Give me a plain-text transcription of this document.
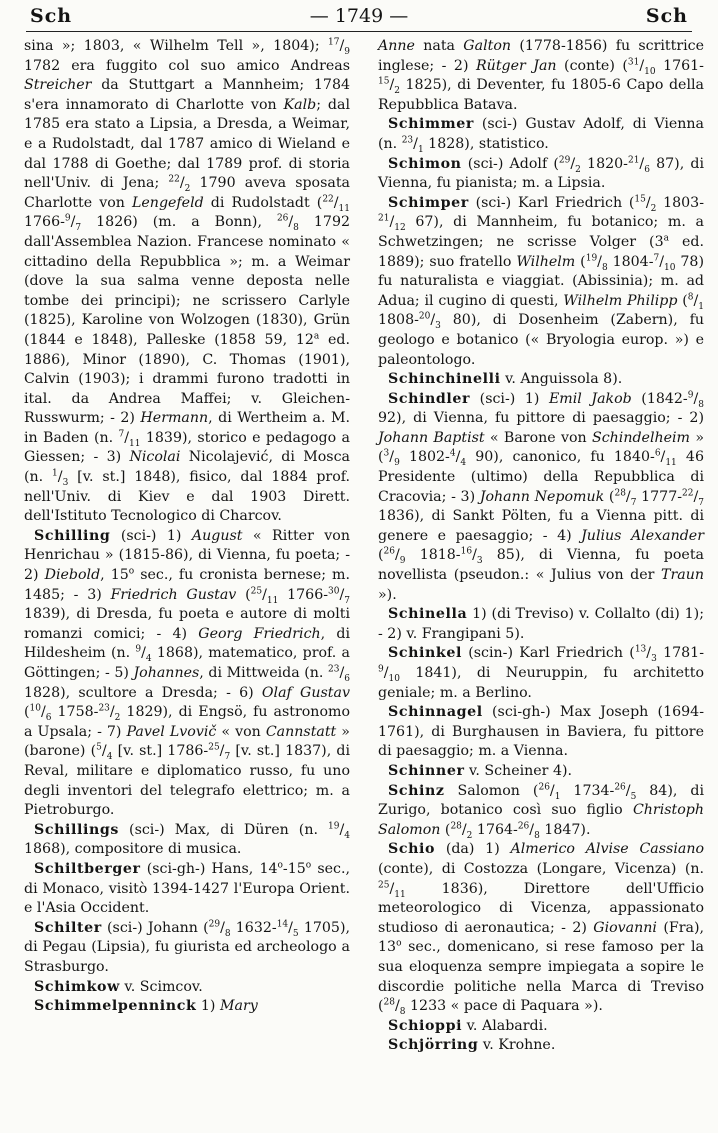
Sch	— 1749 —	Sch

sina »; 1803, « Wilhelm Tell », 1804); $^{17}/_9$ 1782 era fuggito col suo amico Andreas Streicher da Stuttgart a Mannheim; 1784 s'era innamorato di Charlotte von Kalb; dal 1785 era stato a Lipsia, a Dresda, a Weimar, e a Rudolstadt, dal 1787 amico di Wieland e dal 1788 di Goethe; dal 1789 prof. di storia nell'Univ. di Jena; $^{22}/_2$ 1790 aveva sposata Charlotte von Lengefeld di Rudolstadt ($^{22}/_{11}$ $1766-^9/_7$ 1826) (m. a Bonn), $^{26}/_8$ 1792 dall'Assemblea Nazion. Francese nominato « cittadino della Repubblica »; m. a Weimar (dove la sua salma venne deposta nelle tombe dei principi); ne scrissero Carlyle (1825), Karoline von Wolzogen (1830), Grün (1844 e 1848), Palleske (1858 59, 12$^a$ ed. 1886), Minor (1890), C. Thomas (1901), Calvin (1903); i drammi furono tradotti in ital. da Andrea Maffei; v. Gleichen-Russwurm; - 2) Hermann, di Wertheim a. M. in Baden (n. $^7/_{11}$ 1839), storico e pedagogo a Giessen; - 3) Nicolai Nicolajević, di Mosca (n. $^1/_3$ [v. st.] 1848), fisico, dal 1884 prof. nell'Univ. di Kiev e dal 1903 Dirett. dell'Istituto Tecnologico di Charcov.

Schilling (sci-) 1) August « Ritter von Henrichau » (1815-86), di Vienna, fu poeta; - 2) Diebold, 15$^o$ sec., fu cronista bernese; m. 1485; - 3) Friedrich Gustav ($^{25}/_{11}$ $1766-^{30}/_7$ 1839), di Dresda, fu poeta e autore di molti romanzi comici; - 4) Georg Friedrich, di Hildesheim (n. $^9/_4$ 1868), matematico, prof. a Göttingen; - 5) Johannes, di Mittweida (n. $^{23}/_6$ 1828), scultore a Dresda; - 6) Olaf Gustav ($^{10}/_6$ $1758-^{23}/_2$ 1829), di Engsö, fu astronomo a Upsala; - 7) Pavel Lvovič « von Cannstatt » (barone) ($^5/_4$ [v. st.] $1786-^{25}/_7$ [v. st.] 1837), di Reval, militare e diplomatico russo, fu uno degli inventori del telegrafo elettrico; m. a Pietroburgo.

Schillings (sci-) Max, di Düren (n. $^{19}/_4$ 1868), compositore di musica.

Schiltberger (sci-gh-) Hans, 14$^o$-15$^o$ sec., di Monaco, visitò 1394-1427 l'Europa Orient. e l'Asia Occident.

Schilter (sci-) Johann ($^{29}/_8$ $1632-^{14}/_5$ 1705), di Pegau (Lipsia), fu giurista ed archeologo a Strasburgo.

Schimkow v. Scimcov.

Schimmelpenninck 1) Mary

Anne nata Galton (1778-1856) fu scrittrice inglese; - 2) Rütger Jan (conte) ($^{31}/_{10}$ $1761-^{15}/_2$ 1825), di Deventer, fu 1805-6 Capo della Repubblica Batava.

Schimmer (sci-) Gustav Adolf, di Vienna (n. $^{23}/_1$ 1828), statistico.

Schimon (sci-) Adolf ($^{29}/_2$ $1820-^{21}/_6$ 87), di Vienna, fu pianista; m. a Lipsia.

Schimper (sci-) Karl Friedrich ($^{15}/_2$ $1803-^{21}/_{12}$ 67), di Mannheim, fu botanico; m. a Schwetzingen; ne scrisse Volger (3$^a$ ed. 1889); suo fratello Wilhelm ($^{19}/_8$ $1804-^7/_{10}$ 78) fu naturalista e viaggiat. (Abissinia); m. ad Adua; il cugino di questi, Wilhelm Philipp ($^8/_1$ $1808-^{20}/_3$ 80), di Dosenheim (Zabern), fu geologo e botanico (« Bryologia europ. ») e paleontologo.

Schinchinelli v. Anguissola 8).

Schindler (sci-) 1) Emil Jakob ($1842-^9/_8$ 92), di Vienna, fu pittore di paesaggio; - 2) Johann Baptist « Barone von Schindelheim » ($^3/_9$ $1802-^4/_4$ 90), canonico, fu $1840-^6/_{11}$ 46 Presidente (ultimo) della Repubblica di Cracovia; - 3) Johann Nepomuk ($^{28}/_7$ $1777-^{22}/_7$ 1836), di Sankt Pölten, fu a Vienna pitt. di genere e paesaggio; - 4) Julius Alexander ($^{26}/_9$ $1818-^{16}/_3$ 85), di Vienna, fu poeta novellista (pseudon.: « Julius von der Traun »).

Schinella 1) (di Treviso) v. Collalto (di) 1); - 2) v. Frangipani 5).

Schinkel (scin-) Karl Friedrich ($^{13}/_3$ $1781-^9/_{10}$ 1841), di Neuruppin, fu architetto geniale; m. a Berlino.

Schinnagel (sci-gh-) Max Joseph (1694-1761), di Burghausen in Baviera, fu pittore di paesaggio; m. a Vienna.

Schinner v. Scheiner 4).

Schinz Salomon ($^{26}/_1$ $1734-^{26}/_5$ 84), di Zurigo, botanico così suo figlio Christoph Salomon ($^{28}/_2$ $1764-^{26}/_8$ 1847).

Schio (da) 1) Almerico Alvise Cassiano (conte), di Costozza (Longare, Vicenza) (n. $^{25}/_{11}$ 1836), Direttore dell'Ufficio meteorologico di Vicenza, appassionato studioso di aeronautica; - 2) Giovanni (Fra), 13$^o$ sec., domenicano, si rese famoso per la sua eloquenza sempre impiegata a sopire le discordie politiche nella Marca di Treviso ($^{28}/_8$ 1233 « pace di Paquara »).

Schioppi v. Alabardi.

Schjörring v. Krohne.
